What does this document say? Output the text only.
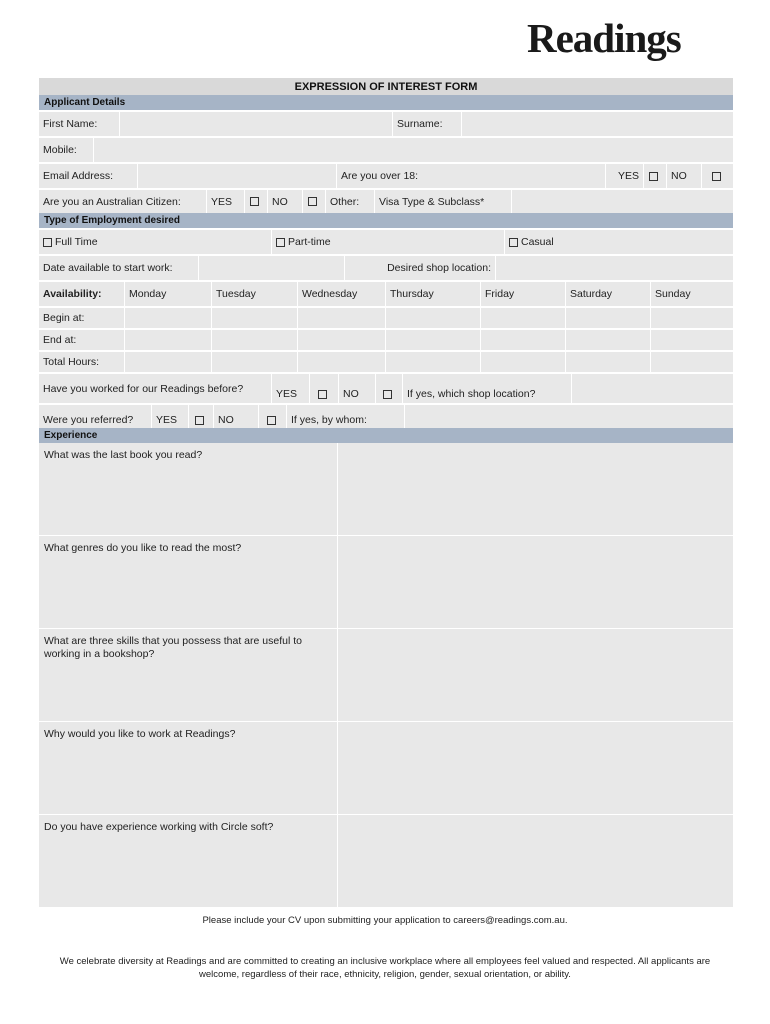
Readings
EXPRESSION OF INTEREST FORM
Applicant Details
First Name:	Surname:
Mobile:
Email Address:	Are you over 18:	YES	NO
Are you an Australian Citizen:	YES	NO	Other:	Visa Type & Subclass*
Type of Employment desired
Full Time	Part-time	Casual
Date available to start work:	Desired shop location:
Availability:	Monday	Tuesday	Wednesday	Thursday	Friday	Saturday	Sunday
Begin at:
End at:
Total Hours:
Have you worked for our Readings before?	YES	NO	If yes, which shop location?
Were you referred?	YES	NO	If yes, by whom:
Experience
What was the last book you read?
What genres do you like to read the most?
What are three skills that you possess that are useful to working in a bookshop?
Why would you like to work at Readings?
Do you have experience working with Circle soft?
Please include your CV upon submitting your application to careers@readings.com.au.
We celebrate diversity at Readings and are committed to creating an inclusive workplace where all employees feel valued and respected. All applicants are welcome, regardless of their race, ethnicity, religion, gender, sexual orientation, or ability.
